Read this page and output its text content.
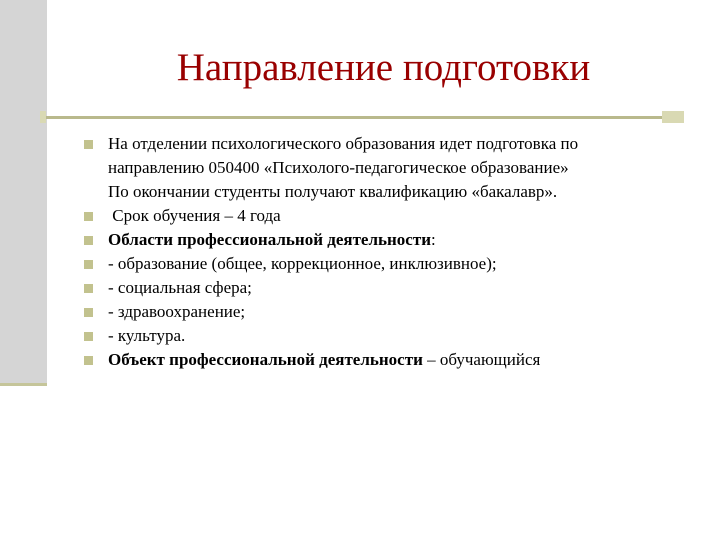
Направление подготовки
На отделении психологического образования идет подготовка по
направлению 050400 «Психолого-педагогическое образование»
По окончании студенты получают квалификацию «бакалавр».
Срок обучения – 4 года
Области профессиональной деятельности:
- образование (общее, коррекционное, инклюзивное);
- социальная сфера;
- здравоохранение;
- культура.
Объект профессиональной деятельности – обучающийся
